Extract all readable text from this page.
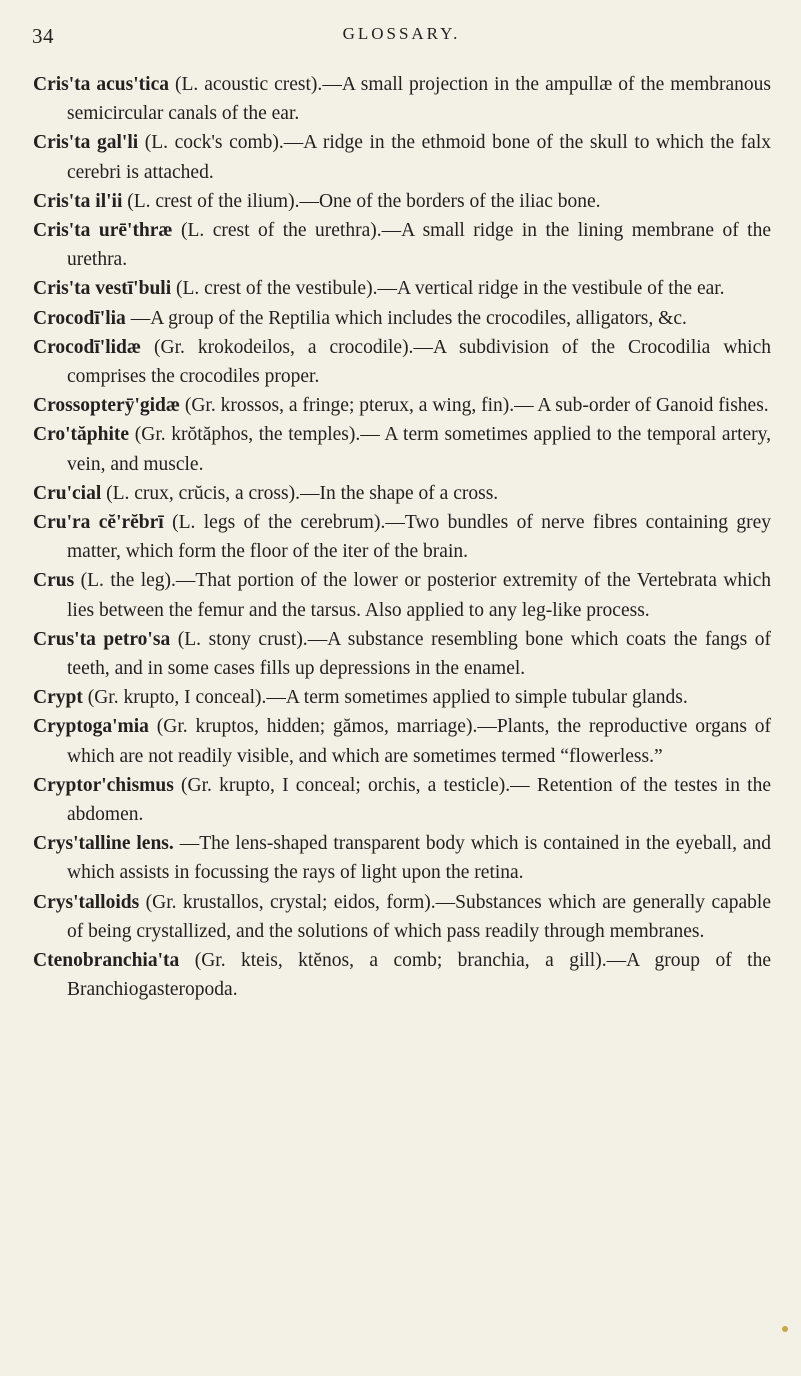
34	GLOSSARY.

Cris'ta acus'tica (L. acoustic crest).—A small projection in the ampullæ of the membranous semicircular canals of the ear.

Cris'ta gal'li (L. cock's comb).—A ridge in the ethmoid bone of the skull to which the falx cerebri is attached.

Cris'ta il'ii (L. crest of the ilium).—One of the borders of the iliac bone.

Cris'ta urē'thræ (L. crest of the urethra).—A small ridge in the lining membrane of the urethra.

Cris'ta vestī'buli (L. crest of the vestibule).—A vertical ridge in the vestibule of the ear.

Crocodī'lia —A group of the Reptilia which includes the crocodiles, alligators, &c.

Crocodī'lidæ (Gr. krokodeilos, a crocodile).—A subdivision of the Crocodilia which comprises the crocodiles proper.

Crossopterȳ'gidæ (Gr. krossos, a fringe; pterux, a wing, fin).— A sub-order of Ganoid fishes.

Cro'tăphite (Gr. krŏtăphos, the temples).— A term sometimes applied to the temporal artery, vein, and muscle.

Cru'cial (L. crux, crŭcis, a cross).—In the shape of a cross.

Cru'ra cĕ'rĕbrī (L. legs of the cerebrum).—Two bundles of nerve fibres containing grey matter, which form the floor of the iter of the brain.

Crus (L. the leg).—That portion of the lower or posterior extremity of the Vertebrata which lies between the femur and the tarsus. Also applied to any leg-like process.

Crus'ta petro'sa (L. stony crust).—A substance resembling bone which coats the fangs of teeth, and in some cases fills up depressions in the enamel.

Crypt (Gr. krupto, I conceal).—A term sometimes applied to simple tubular glands.

Cryptoga'mia (Gr. kruptos, hidden; gămos, marriage).—Plants, the reproductive organs of which are not readily visible, and which are sometimes termed “flowerless.”

Cryptor'chismus (Gr. krupto, I conceal; orchis, a testicle).— Retention of the testes in the abdomen.

Crys'talline lens. —The lens-shaped transparent body which is contained in the eyeball, and which assists in focussing the rays of light upon the retina.

Crys'talloids (Gr. krustallos, crystal; eidos, form).—Substances which are generally capable of being crystallized, and the solutions of which pass readily through membranes.

Ctenobranchia'ta (Gr. kteis, ktĕnos, a comb; branchia, a gill).—A group of the Branchiogasteropoda.
